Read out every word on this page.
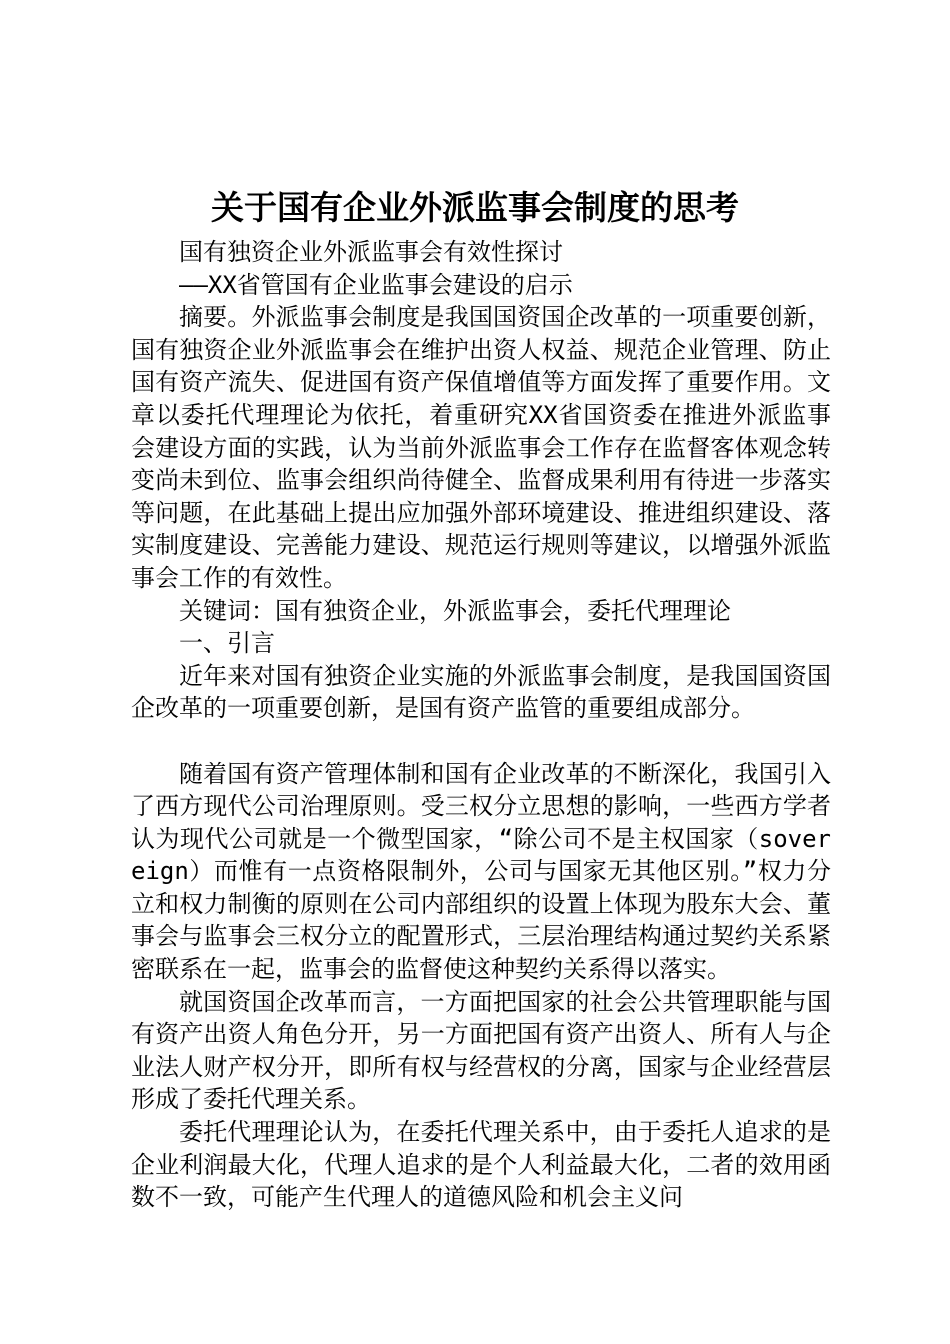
关于国有企业外派监事会制度的思考

国有独资企业外派监事会有效性探讨

——XX省管国有企业监事会建设的启示

摘要。外派监事会制度是我国国资国企改革的一项重要创新，国有独资企业外派监事会在维护出资人权益、规范企业管理、防止国有资产流失、促进国有资产保值增值等方面发挥了重要作用。文章以委托代理理论为依托，着重研究XX省国资委在推进外派监事会建设方面的实践，认为当前外派监事会工作存在监督客体观念转变尚未到位、监事会组织尚待健全、监督成果利用有待进一步落实等问题，在此基础上提出应加强外部环境建设、推进组织建设、落实制度建设、完善能力建设、规范运行规则等建议，以增强外派监事会工作的有效性。

关键词：国有独资企业，外派监事会，委托代理理论

一、引言

近年来对国有独资企业实施的外派监事会制度，是我国国资国企改革的一项重要创新，是国有资产监管的重要组成部分。

随着国有资产管理体制和国有企业改革的不断深化，我国引入了西方现代公司治理原则。受三权分立思想的影响，一些西方学者认为现代公司就是一个微型国家，“除公司不是主权国家（sovereign）而惟有一点资格限制外，公司与国家无其他区别。”权力分立和权力制衡的原则在公司内部组织的设置上体现为股东大会、董事会与监事会三权分立的配置形式，三层治理结构通过契约关系紧密联系在一起，监事会的监督使这种契约关系得以落实。

就国资国企改革而言，一方面把国家的社会公共管理职能与国有资产出资人角色分开，另一方面把国有资产出资人、所有人与企业法人财产权分开，即所有权与经营权的分离，国家与企业经营层形成了委托代理关系。

委托代理理论认为，在委托代理关系中，由于委托人追求的是企业利润最大化，代理人追求的是个人利益最大化，二者的效用函数不一致，可能产生代理人的道德风险和机会主义问
